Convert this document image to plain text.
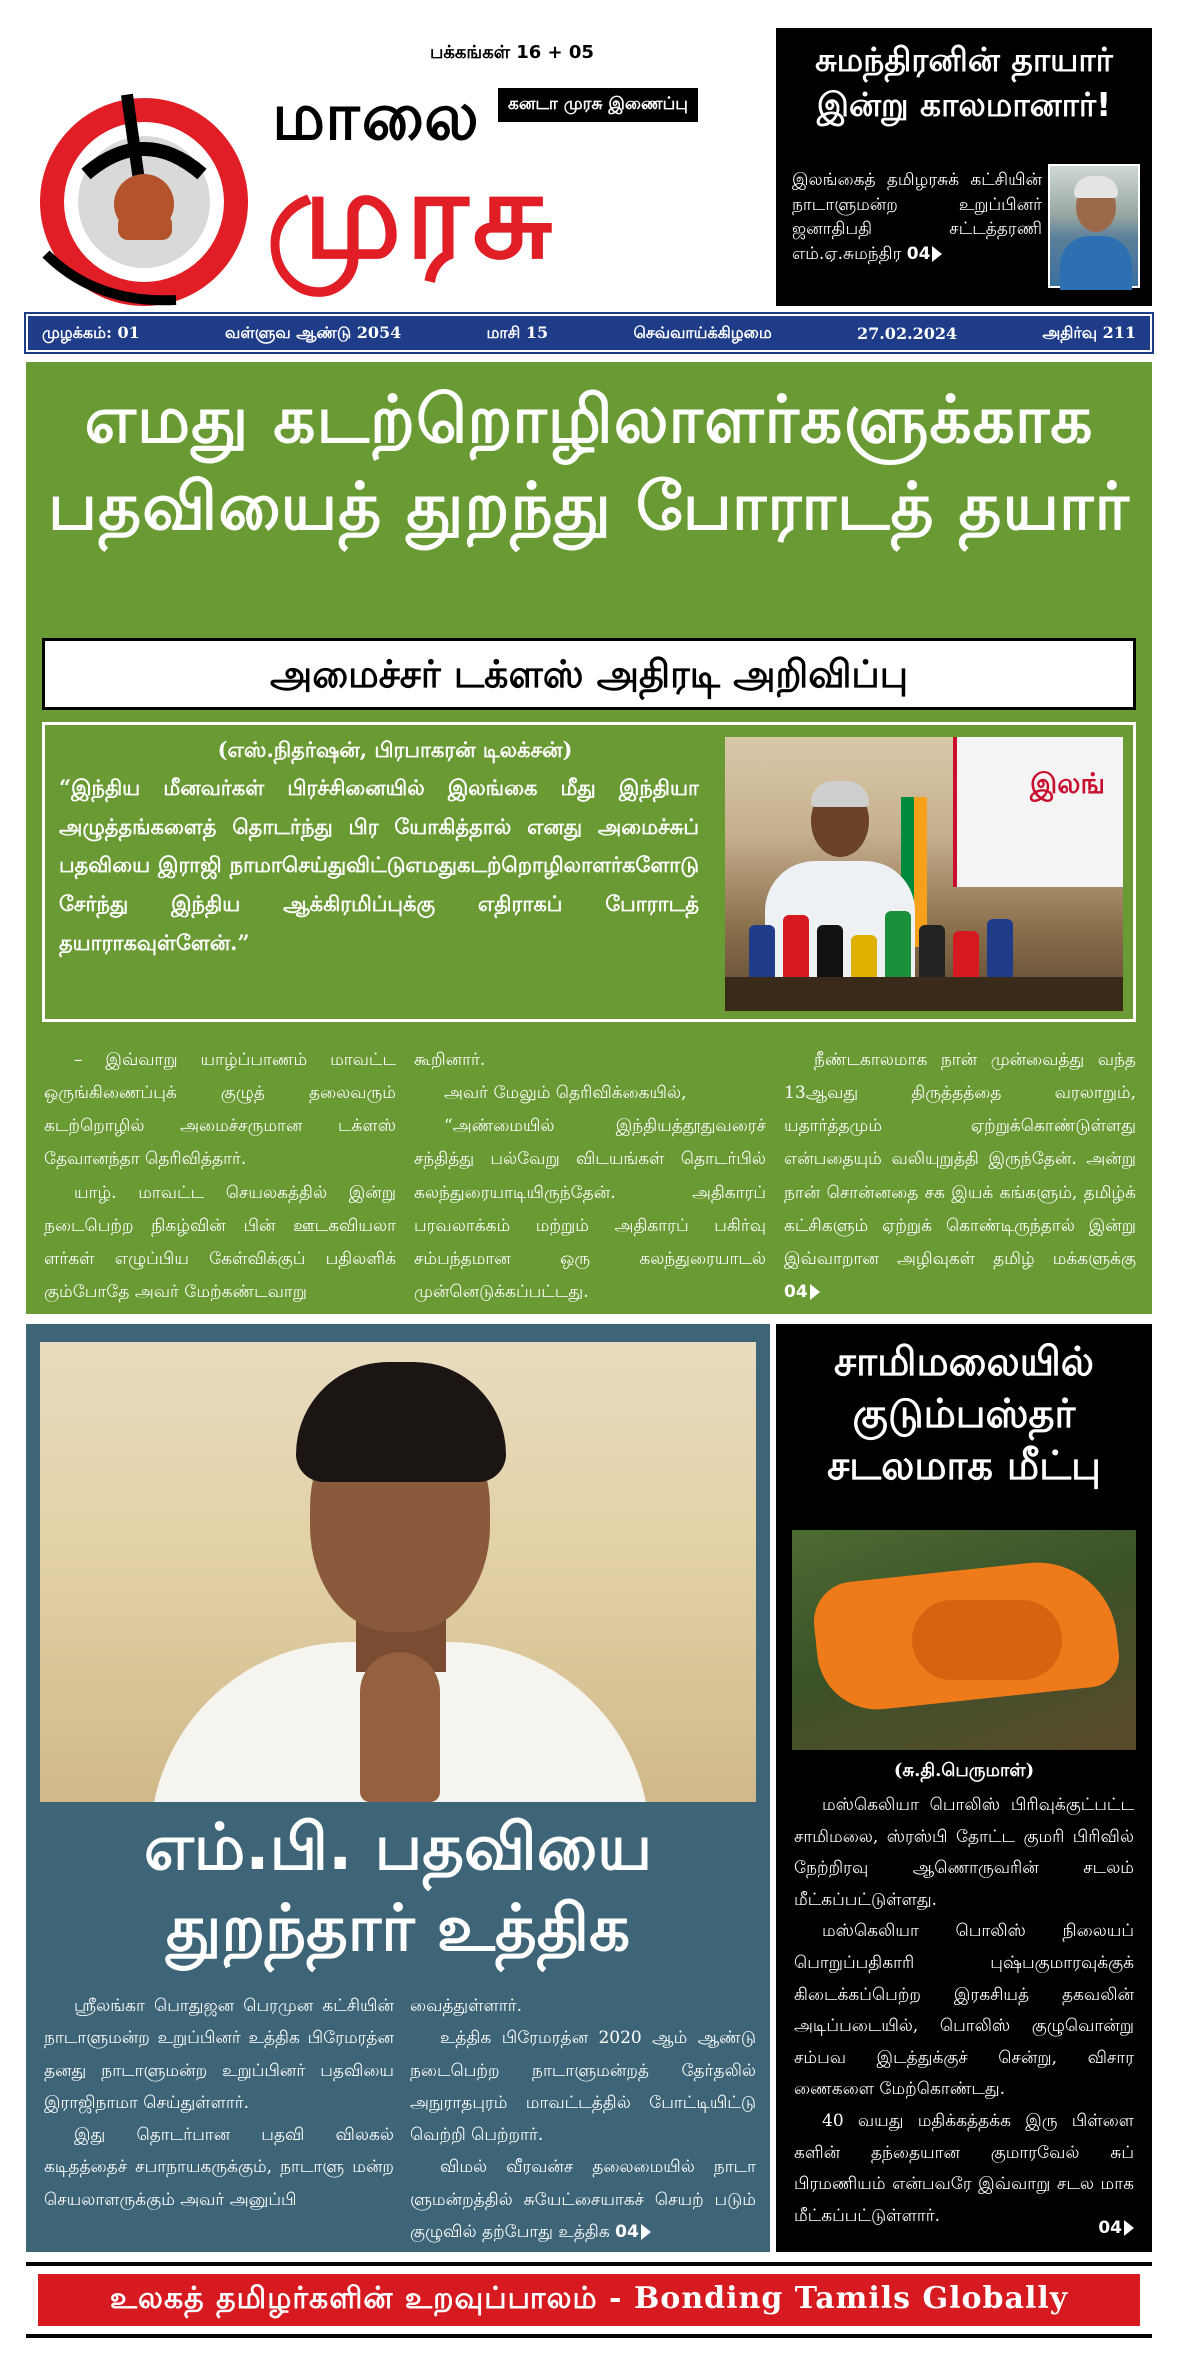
பக்கங்கள் 16 + 05
மாலை	கனடா முரசு இணைப்பு
முரசு
சுமந்திரனின் தாயார் இன்று காலமானார்!
இலங்கைத் தமிழரசுக் கட்சியின் நாடாளுமன்ற உறுப்பினர் ஜனாதிபதி சட்டத்தரணி எம்.ஏ.சுமந்திர 04
முழக்கம்: 01	வள்ளுவ ஆண்டு 2054	மாசி 15	செவ்வாய்க்கிழமை	27.02.2024	அதிர்வு 211
எமது கடற்றொழிலாளர்களுக்காக
பதவியைத் துறந்து போராடத் தயார்
அமைச்சர் டக்ளஸ் அதிரடி அறிவிப்பு
(எஸ்.நிதர்ஷன், பிரபாகரன் டிலக்சன்)
“இந்திய மீனவர்கள் பிரச்சினையில் இலங்கை மீது இந்தியா அழுத்தங்களைத் தொடர்ந்து பிர யோகித்தால் எனது அமைச்சுப் பதவியை இராஜி நாமாசெய்துவிட்டுஎமதுகடற்றொழிலாளர்களோடு சேர்ந்து இந்திய ஆக்கிரமிப்புக்கு எதிராகப் போராடத் தயாராகவுள்ளேன்.”
இலங்

– இவ்வாறு யாழ்ப்பாணம் மாவட்ட ஒருங்கிணைப்புக் குழுத் தலைவரும் கடற்றொழில் அமைச்சருமான டக்ளஸ் தேவானந்தா தெரிவித்தார்.

யாழ். மாவட்ட செயலகத்தில் இன்று நடைபெற்ற நிகழ்வின் பின் ஊடகவியலா ளர்கள் எழுப்பிய கேள்விக்குப் பதிலளிக் கும்போதே அவர் மேற்கண்டவாறு

கூறினார்.

அவர் மேலும் தெரிவிக்கையில்,

“அண்மையில் இந்தியத்தூதுவரைச் சந்தித்து பல்வேறு விடயங்கள் தொடர்பில் கலந்துரையாடியிருந்தேன். அதிகாரப் பரவலாக்கம் மற்றும் அதிகாரப் பகிர்வு சம்பந்தமான ஒரு கலந்துரையாடல் முன்னெடுக்கப்பட்டது.

நீண்டகாலமாக நான் முன்வைத்து வந்த 13ஆவது திருத்தத்தை வரலாறும், யதார்த்தமும் ஏற்றுக்கொண்டுள்ளது என்பதையும் வலியுறுத்தி இருந்தேன். அன்று நான் சொன்னதை சக இயக் கங்களும், தமிழ்க் கட்சிகளும் ஏற்றுக் கொண்டிருந்தால் இன்று இவ்வாறான அழிவுகள் தமிழ் மக்களுக்கு 04

எம்.பி. பதவியை
துறந்தார் உத்திக

ஸ்ரீலங்கா பொதுஜன பெரமுன கட்சியின் நாடாளுமன்ற உறுப்பினர் உத்திக பிரேமரத்ன தனது நாடாளுமன்ற உறுப்பினர் பதவியை இராஜிநாமா செய்துள்ளார்.

இது தொடர்பான பதவி விலகல் கடிதத்தைச் சபாநாயகருக்கும், நாடாளு மன்ற செயலாளருக்கும் அவர் அனுப்பி

வைத்துள்ளார்.

உத்திக பிரேமரத்ன 2020 ஆம் ஆண்டு நடைபெற்ற நாடாளுமன்றத் தேர்தலில் அநுராதபுரம் மாவட்டத்தில் போட்டியிட்டு வெற்றி பெற்றார்.

விமல் வீரவன்ச தலைமையில் நாடா ளுமன்றத்தில் சுயேட்சையாகச் செயற் படும் குழுவில் தற்போது உத்திக 04

சாமிமலையில்
குடும்பஸ்தர்
சடலமாக மீட்பு
(சு.தி.பெருமாள்)

மஸ்கெலியா பொலிஸ் பிரிவுக்குட்பட்ட சாமிமலை, ஸ்ரஸ்பி தோட்ட குமரி பிரிவில் நேற்றிரவு ஆணொருவரின் சடலம் மீட்கப்பட்டுள்ளது.

மஸ்கெலியா பொலிஸ் நிலையப் பொறுப்பதிகாரி புஷ்பகுமாரவுக்குக் கிடைக்கப்பெற்ற இரகசியத் தகவலின் அடிப்படையில், பொலிஸ் குழுவொன்று சம்பவ இடத்துக்குச் சென்று, விசார ணைகளை மேற்கொண்டது.

40 வயது மதிக்கத்தக்க இரு பிள்ளை களின் தந்தையான குமாரவேல் சுப் பிரமணியம் என்பவரே இவ்வாறு சடல மாக மீட்கப்பட்டுள்ளார்.

04
உலகத் தமிழர்களின் உறவுப்பாலம் - Bonding Tamils Globally
